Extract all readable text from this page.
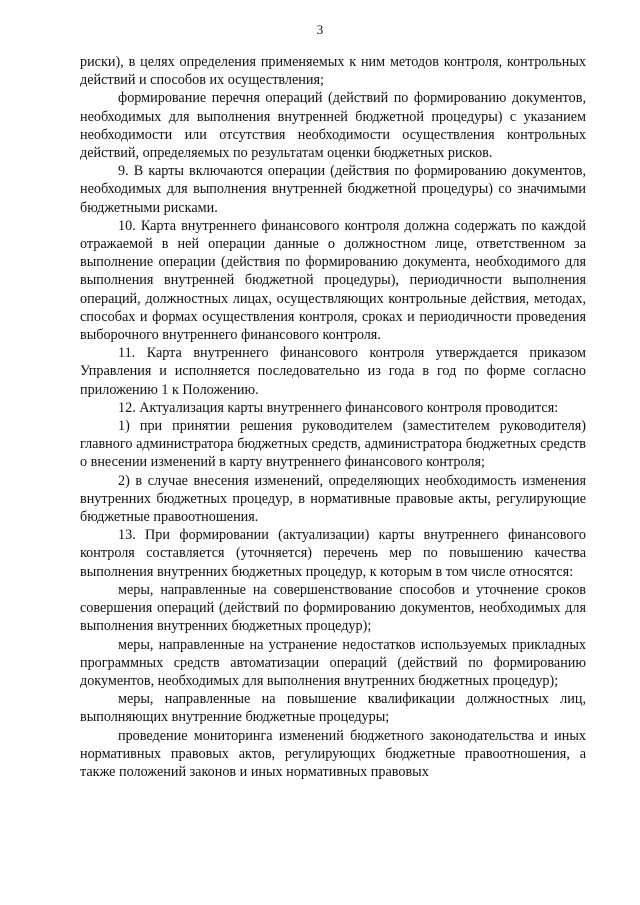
3

риски), в целях определения применяемых к ним методов контроля, контрольных действий и способов их осуществления;

формирование перечня операций (действий по формированию документов, необходимых для выполнения внутренней бюджетной процедуры) с указанием необходимости или отсутствия необходимости осуществления контрольных действий, определяемых по результатам оценки бюджетных рисков.

9. В карты включаются операции (действия по формированию документов, необходимых для выполнения внутренней бюджетной процедуры) со значимыми бюджетными рисками.

10. Карта внутреннего финансового контроля должна содержать по каждой отражаемой в ней операции данные о должностном лице, ответственном за выполнение операции (действия по формированию документа, необходимого для выполнения внутренней бюджетной процедуры), периодичности выполнения операций, должностных лицах, осуществляющих контрольные действия, методах, способах и формах осуществления контроля, сроках и периодичности проведения выборочного внутреннего финансового контроля.

11. Карта внутреннего финансового контроля утверждается приказом Управления и исполняется последовательно из года в год по форме согласно приложению 1 к Положению.

12. Актуализация карты внутреннего финансового контроля проводится:

1) при принятии решения руководителем (заместителем руководителя) главного администратора бюджетных средств, администратора бюджетных средств о внесении изменений в карту внутреннего финансового контроля;

2) в случае внесения изменений, определяющих необходимость изменения внутренних бюджетных процедур, в нормативные правовые акты, регулирующие бюджетные правоотношения.

13. При формировании (актуализации) карты внутреннего финансового контроля составляется (уточняется) перечень мер по повышению качества выполнения внутренних бюджетных процедур, к которым в том числе относятся:

меры, направленные на совершенствование способов и уточнение сроков совершения операций (действий по формированию документов, необходимых для выполнения внутренних бюджетных процедур);

меры, направленные на устранение недостатков используемых прикладных программных средств автоматизации операций (действий по формированию документов, необходимых для выполнения внутренних бюджетных процедур);

меры, направленные на повышение квалификации должностных лиц, выполняющих внутренние бюджетные процедуры;

проведение мониторинга изменений бюджетного законодательства и иных нормативных правовых актов, регулирующих бюджетные правоотношения, а также положений законов и иных нормативных правовых
